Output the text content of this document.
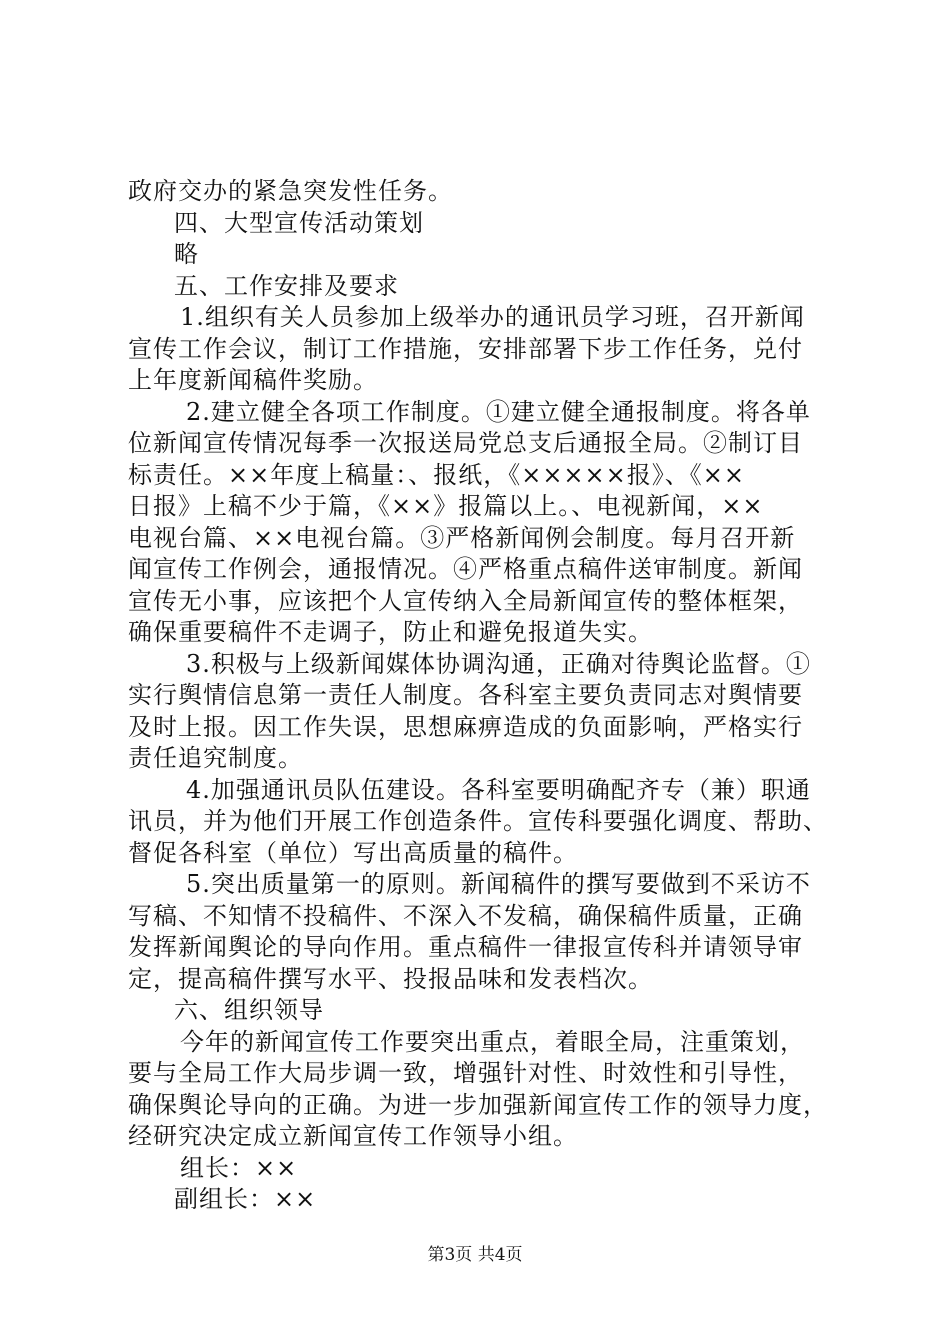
政府交办的紧急突发性任务。
四、大型宣传活动策划
略
五、工作安排及要求
1.组织有关人员参加上级举办的通讯员学习班，召开新闻
宣传工作会议，制订工作措施，安排部署下步工作任务，兑付
上年度新闻稿件奖励。
2.建立健全各项工作制度。①建立健全通报制度。将各单
位新闻宣传情况每季一次报送局党总支后通报全局。②制订目
标责任。××年度上稿量：、报纸，《×××××报》、《××
日报》上稿不少于篇，《××》报篇以上。、电视新闻，××
电视台篇、××电视台篇。③严格新闻例会制度。每月召开新
闻宣传工作例会，通报情况。④严格重点稿件送审制度。新闻
宣传无小事，应该把个人宣传纳入全局新闻宣传的整体框架，
确保重要稿件不走调子，防止和避免报道失实。
3.积极与上级新闻媒体协调沟通，正确对待舆论监督。①
实行舆情信息第一责任人制度。各科室主要负责同志对舆情要
及时上报。因工作失误，思想麻痹造成的负面影响，严格实行
责任追究制度。
4.加强通讯员队伍建设。各科室要明确配齐专（兼）职通
讯员，并为他们开展工作创造条件。宣传科要强化调度、帮助、
督促各科室（单位）写出高质量的稿件。
5.突出质量第一的原则。新闻稿件的撰写要做到不采访不
写稿、不知情不投稿件、不深入不发稿，确保稿件质量，正确
发挥新闻舆论的导向作用。重点稿件一律报宣传科并请领导审
定，提高稿件撰写水平、投报品味和发表档次。
六、组织领导
今年的新闻宣传工作要突出重点，着眼全局，注重策划，
要与全局工作大局步调一致，增强针对性、时效性和引导性，
确保舆论导向的正确。为进一步加强新闻宣传工作的领导力度，
经研究决定成立新闻宣传工作领导小组。
组长：××
副组长：××
第3页 共4页
